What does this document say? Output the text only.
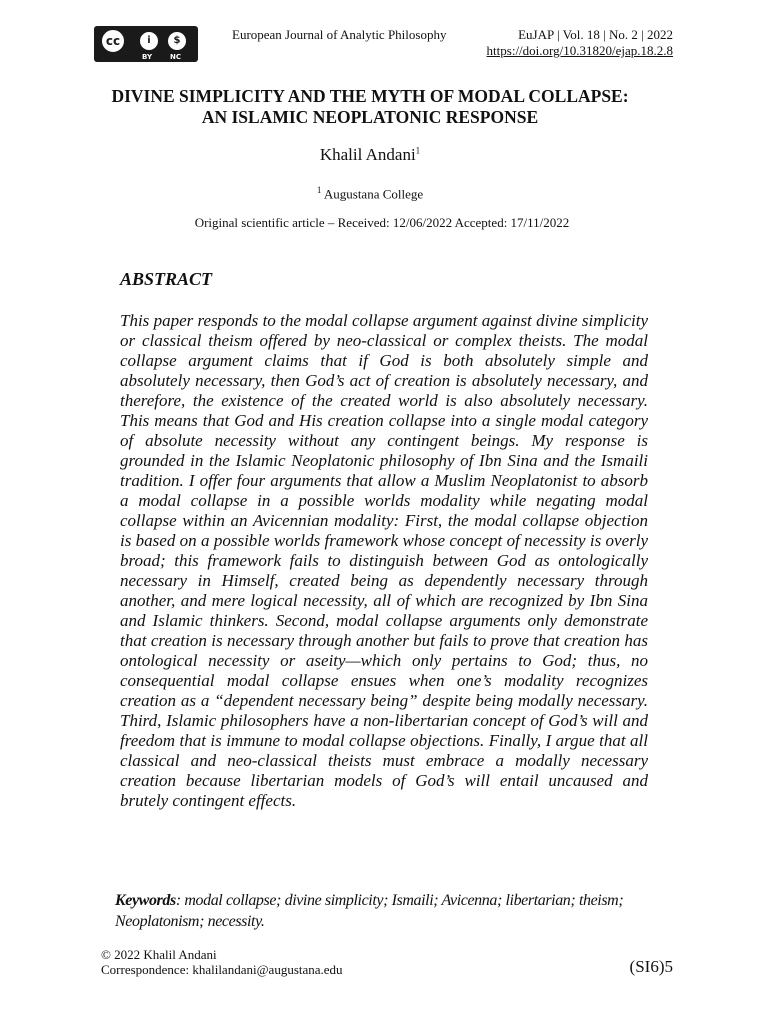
cc	i	$
BY	NC
European Journal of Analytic Philosophy	EuJAP | Vol. 18 | No. 2 | 2022
https://doi.org/10.31820/ejap.18.2.8
DIVINE SIMPLICITY AND THE MYTH OF MODAL COLLAPSE: AN ISLAMIC NEOPLATONIC RESPONSE
Khalil Andani$^1$
$^1$ Augustana College
Original scientific article – Received: 12/06/2022 Accepted: 17/11/2022
ABSTRACT

This paper responds to the modal collapse argument against divine simplicity or classical theism offered by neo-classical or complex theists. The modal collapse argument claims that if God is both absolutely simple and absolutely necessary, then God’s act of creation is absolutely necessary, and therefore, the existence of the created world is also absolutely necessary. This means that God and His creation collapse into a single modal category of absolute necessity without any contingent beings. My response is grounded in the Islamic Neoplatonic philosophy of Ibn Sina and the Ismaili tradition. I offer four arguments that allow a Muslim Neoplatonist to absorb a modal collapse in a possible worlds modality while negating modal collapse within an Avicennian modality: First, the modal collapse objection is based on a possible worlds framework whose concept of necessity is overly broad; this framework fails to distinguish between God as ontologically necessary in Himself, created being as dependently necessary through another, and mere logical necessity, all of which are recognized by Ibn Sina and Islamic thinkers. Second, modal collapse arguments only demonstrate that creation is necessary through another but fails to prove that creation has ontological necessity or aseity—which only pertains to God; thus, no consequential modal collapse ensues when one’s modality recognizes creation as a “dependent necessary being” despite being modally necessary. Third, Islamic philosophers have a non-libertarian concept of God’s will and freedom that is immune to modal collapse objections. Finally, I argue that all classical and neo-classical theists must embrace a modally necessary creation because libertarian models of God’s will entail uncaused and brutely contingent effects.

Keywords: modal collapse; divine simplicity; Ismaili; Avicenna; libertarian; theism; Neoplatonism; necessity.

© 2022 Khalil Andani
Correspondence: khalilandani@augustana.edu	(SI6)5
